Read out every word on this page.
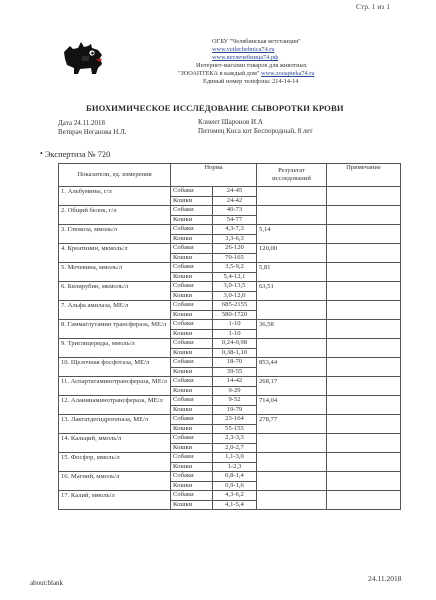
Стр. 1 из 1
ОГБУ "Челябинская ветстанция"
www.vetlechebnica74.ru
www.ветлечебница74.рф
Интернет-магазин товаров для животных
"ЗООАПТЕКА в каждый дом" www.zooapteka74.ru
Единый номер телефона: 214-14-14
БИОХИМИЧЕСКОЕ ИССЛЕДОВАНИЕ СЫВОРОТКИ КРОВИ
Дата 24.11.2018	Клиент Шаронов И.А
Ветврач Неганова Н.Л.	Питомец Киса кот Беспородный, 8 лет
• Экспертиза № 720
Показатели, ед. измерения	Норма		Результат исследований	Примечание
1. Альбумины, г/л	Собаки	24-45		
	Кошки	24-42		
2. Общий белок, г/л	Собаки	40-73		
	Кошки	54-77		
3. Глюкоза, ммоль/л	Собаки	4,3-7,3	5,14	
	Кошки	3,3-6,3		
4. Креатинин, мкмоль/л	Собаки	26-120	120,00	
	Кошки	70-165		
5. Мочевина, ммоль/л	Собаки	3,5-9,2	5,81	
	Кошки	5,4-12,1		
6. Билирубин, мкмоль/л	Собаки	3,0-13,5	63,51	
	Кошки	3,0-12,0		
7. Альфа амилаза, МЕ/л	Собаки	685-2155		
	Кошки	580-1720		
8. Гаммаглутамин трансфераза, МЕ/л	Собаки	1-10	36,58	
	Кошки	1-10		
9. Триглицериды, ммоль/л	Собаки	0,24-0,98		
	Кошки	0,38-1,10		
10. Щелочная фосфотаза, МЕ/л	Собаки	18-70	853,44	
	Кошки	39-55		
11. Аспартатаминотрансфераза, МЕ/л	Собаки	14-42	268,17	
	Кошки	9-29		
12. Аланинаминотрансфераза, МЕ/л	Собаки	9-52	714,04	
	Кошки	19-79		
13. Лактатдегидрогеназа, МЕ/л	Собаки	23-164	278,77	
	Кошки	55-155		
14. Кальций, ммоль/л	Собаки	2,3-3,3		
	Кошки	2,0-2,7		
15. Фосфор, ммоль/л	Собаки	1,1-3,0		
	Кошки	1-2,3		
16. Магний, ммоль/л	Собаки	0,8-1,4		
	Кошки	0,9-1,6		
17. Калий, ммоль/л	Собаки	4,3-6,2		
	Кошки	4,1-5,4		
about:blank	24.11.2018
